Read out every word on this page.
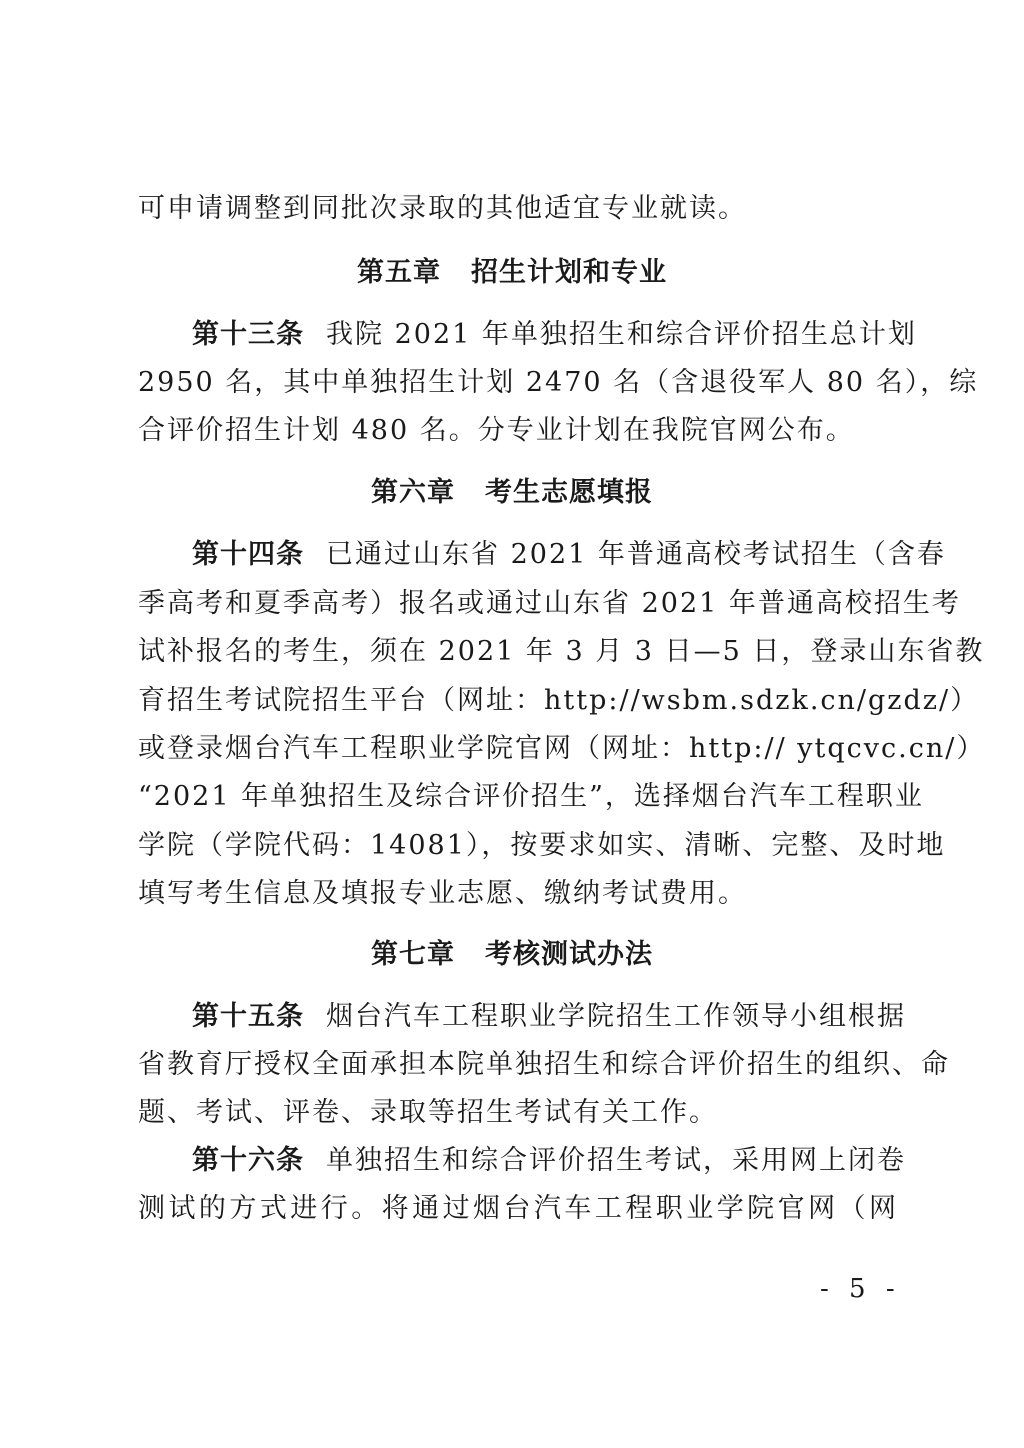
可申请调整到同批次录取的其他适宜专业就读。
第五章 招生计划和专业
第十三条 我院 2021 年单独招生和综合评价招生总计划
2950 名，其中单独招生计划 2470 名（含退役军人 80 名），综
合评价招生计划 480 名。分专业计划在我院官网公布。
第六章 考生志愿填报
第十四条 已通过山东省 2021 年普通高校考试招生（含春
季高考和夏季高考）报名或通过山东省 2021 年普通高校招生考
试补报名的考生，须在 2021 年 3 月 3 日—5 日，登录山东省教
育招生考试院招生平台（网址：http://wsbm.sdzk.cn/gzdz/）
或登录烟台汽车工程职业学院官网（网址：http:// ytqcvc.cn/）
“2021 年单独招生及综合评价招生”，选择烟台汽车工程职业
学院（学院代码：14081），按要求如实、清晰、完整、及时地
填写考生信息及填报专业志愿、缴纳考试费用。
第七章 考核测试办法
第十五条 烟台汽车工程职业学院招生工作领导小组根据
省教育厅授权全面承担本院单独招生和综合评价招生的组织、命
题、考试、评卷、录取等招生考试有关工作。
第十六条 单独招生和综合评价招生考试，采用网上闭卷
测试的方式进行。将通过烟台汽车工程职业学院官网（网
- 5 -
